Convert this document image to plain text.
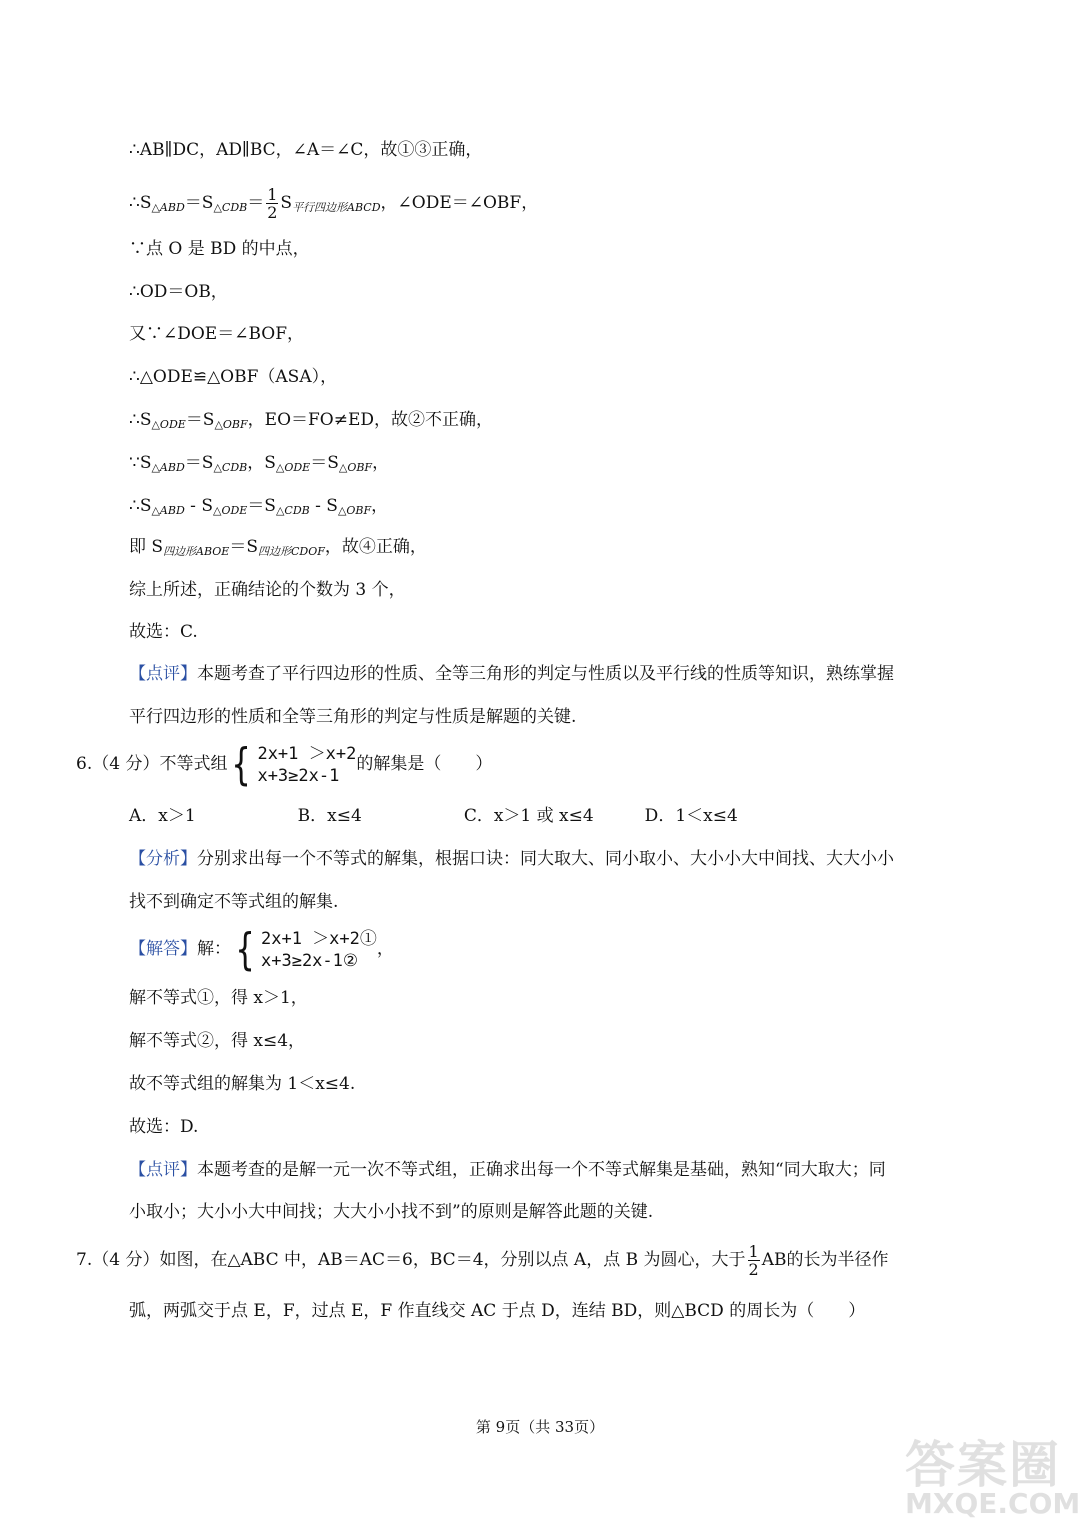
∴AB∥DC，AD∥BC，∠A＝∠C，故①③正确，
$\therefore S_{\triangle ABD}=S_{\triangle CDB}= \frac{1}{2} S_{平行四边形ABCD}$，∠ODE＝∠OBF，
∵点 O 是 BD 的中点，
∴OD＝OB，
又∵∠DOE＝∠BOF，
∴△ODE≌△OBF（ASA），
$\therefore S_{\triangle ODE}=S_{\triangle OBF}$，EO＝FO≠ED，故②不正确，
$\because S_{\triangle ABD}=S_{\triangle CDB}$，$S_{\triangle ODE}=S_{\triangle OBF}$，
$\therefore S_{\triangle ABD} - S_{\triangle ODE}=S_{\triangle CDB} - S_{\triangle OBF}$，
即 $S_{四边形ABOE}=S_{四边形CDOF}$，故④正确，
综上所述，正确结论的个数为 3 个，
故选：C.
【点评】本题考查了平行四边形的性质、全等三角形的判定与性质以及平行线的性质等知识，熟练掌握
平行四边形的性质和全等三角形的判定与性质是解题的关键.
6.（4 分）不等式组 { 2x+1 ＞x+2
x+3≥2x-1
的解集是（　　）
A．x＞1　　　　　　B．x≤4　　　　　　C．x＞1 或 x≤4　　　D．1＜x≤4
【分析】分别求出每一个不等式的解集，根据口诀：同大取大、同小取小、大小小大中间找、大大小小
找不到确定不等式组的解集.
【解答】解： { 2x+1 ＞x+2①
x+3≥2x-1②
，
解不等式①，得 x＞1，
解不等式②，得 x≤4，
故不等式组的解集为 1＜x≤4.
故选：D.
【点评】本题考查的是解一元一次不等式组，正确求出每一个不等式解集是基础，熟知“同大取大；同
小取小；大小小大中间找；大大小小找不到”的原则是解答此题的关键.
7.（4 分）如图，在△ABC 中，AB＝AC＝6，BC＝4，分别以点 A，点 B 为圆心，大于 $\frac{1}{2}$ AB的长为半径作
弧，两弧交于点 E，F，过点 E，F 作直线交 AC 于点 D，连结 BD，则△BCD 的周长为（　　）
第 9页（共 33页）
答案圈
MXQE.COM
